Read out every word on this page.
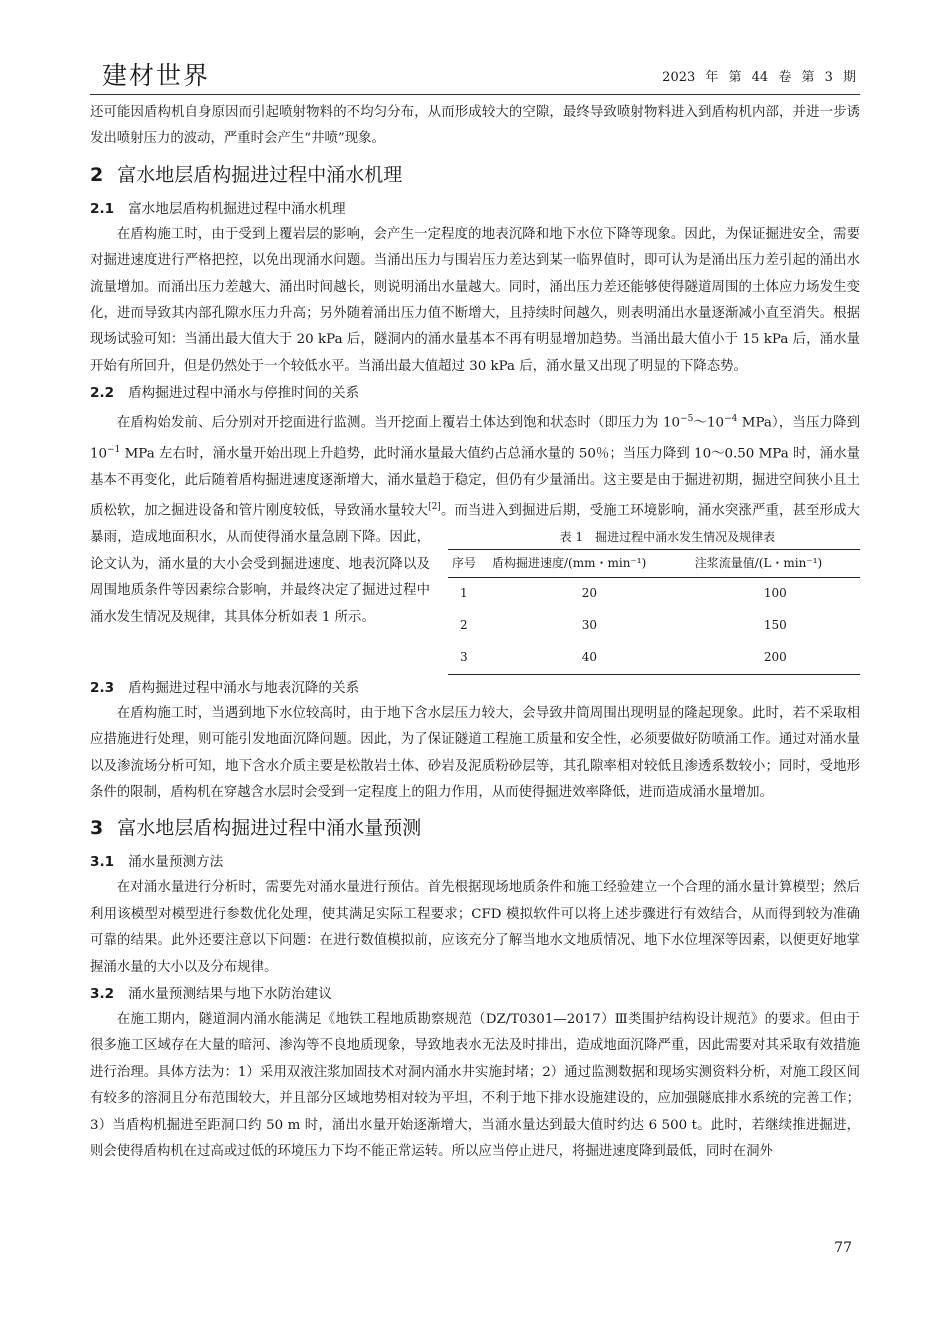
建材世界	2023 年 第 44 卷 第 3 期

还可能因盾构机自身原因而引起喷射物料的不均匀分布，从而形成较大的空隙，最终导致喷射物料进入到盾构机内部，并进一步诱发出喷射压力的波动，严重时会产生“井喷”现象。

2 富水地层盾构掘进过程中涌水机理
2.1 富水地层盾构机掘进过程中涌水机理

在盾构施工时，由于受到上覆岩层的影响，会产生一定程度的地表沉降和地下水位下降等现象。因此，为保证掘进安全，需要对掘进速度进行严格把控，以免出现涌水问题。当涌出压力与围岩压力差达到某一临界值时，即可认为是涌出压力差引起的涌出水流量增加。而涌出压力差越大、涌出时间越长，则说明涌出水量越大。同时，涌出压力差还能够使得隧道周围的土体应力场发生变化，进而导致其内部孔隙水压力升高；另外随着涌出压力值不断增大，且持续时间越久，则表明涌出水量逐渐减小直至消失。根据现场试验可知：当涌出最大值大于 20 kPa 后，隧洞内的涌水量基本不再有明显增加趋势。当涌出最大值小于 15 kPa 后，涌水量开始有所回升，但是仍然处于一个较低水平。当涌出最大值超过 30 kPa 后，涌水量又出现了明显的下降态势。

2.2 盾构掘进过程中涌水与停推时间的关系

在盾构始发前、后分别对开挖面进行监测。当开挖面上覆岩土体达到饱和状态时（即压力为 $10^{-5}\sim 10^{-4}$ MPa），当压力降到 $10^{-1}$ MPa 左右时，涌水量开始出现上升趋势，此时涌水量最大值约占总涌水量的 50％；当压力降到 10～0.50 MPa 时，涌水量基本不再变化，此后随着盾构掘进速度逐渐增大，涌水量趋于稳定，但仍有少量涌出。这主要是由于掘进初期，掘进空间狭小且土质松软，加之掘进设备和管片刚度较低，导致涌水量较大[2]
表 1　掘进过程中涌水发生情况及规律表
序号	盾构掘进速度/(mm・min⁻¹)	注浆流量值/(L・min⁻¹)
1	20	100
2	30	150
3	40	200
。而当进入到掘进后期，受施工环境影响，涌水突涨严重，甚至形成大暴雨，造成地面积水，从而使得涌水量急剧下降。因此，论文认为，涌水量的大小会受到掘进速度、地表沉降以及周围地质条件等因素综合影响，并最终决定了掘进过程中涌水发生情况及规律，其具体分析如表 1 所示。

2.3 盾构掘进过程中涌水与地表沉降的关系

在盾构施工时，当遇到地下水位较高时，由于地下含水层压力较大，会导致井筒周围出现明显的隆起现象。此时，若不采取相应措施进行处理，则可能引发地面沉降问题。因此，为了保证隧道工程施工质量和安全性，必须要做好防喷涌工作。通过对涌水量以及渗流场分析可知，地下含水介质主要是松散岩土体、砂岩及泥质粉砂层等，其孔隙率相对较低且渗透系数较小；同时，受地形条件的限制，盾构机在穿越含水层时会受到一定程度上的阻力作用，从而使得掘进效率降低，进而造成涌水量增加。

3 富水地层盾构掘进过程中涌水量预测
3.1 涌水量预测方法

在对涌水量进行分析时，需要先对涌水量进行预估。首先根据现场地质条件和施工经验建立一个合理的涌水量计算模型；然后利用该模型对模型进行参数优化处理，使其满足实际工程要求；CFD 模拟软件可以将上述步骤进行有效结合，从而得到较为准确可靠的结果。此外还要注意以下问题：在进行数值模拟前，应该充分了解当地水文地质情况、地下水位埋深等因素，以便更好地掌握涌水量的大小以及分布规律。

3.2 涌水量预测结果与地下水防治建议

在施工期内，隧道洞内涌水能满足《地铁工程地质勘察规范（DZ/T0301—2017）Ⅲ类围护结构设计规范》的要求。但由于很多施工区域存在大量的暗河、渗沟等不良地质现象，导致地表水无法及时排出，造成地面沉降严重，因此需要对其采取有效措施进行治理。具体方法为：1）采用双液注浆加固技术对洞内涌水井实施封堵；2）通过监测数据和现场实测资料分析，对施工段区间有较多的溶洞且分布范围较大，并且部分区域地势相对较为平坦，不利于地下排水设施建设的，应加强隧底排水系统的完善工作；3）当盾构机掘进至距洞口约 50 m 时，涌出水量开始逐渐增大，当涌水量达到最大值时约达 6 500 t。此时，若继续推进掘进，则会使得盾构机在过高或过低的环境压力下均不能正常运转。所以应当停止进尺，将掘进速度降到最低，同时在洞外

77
